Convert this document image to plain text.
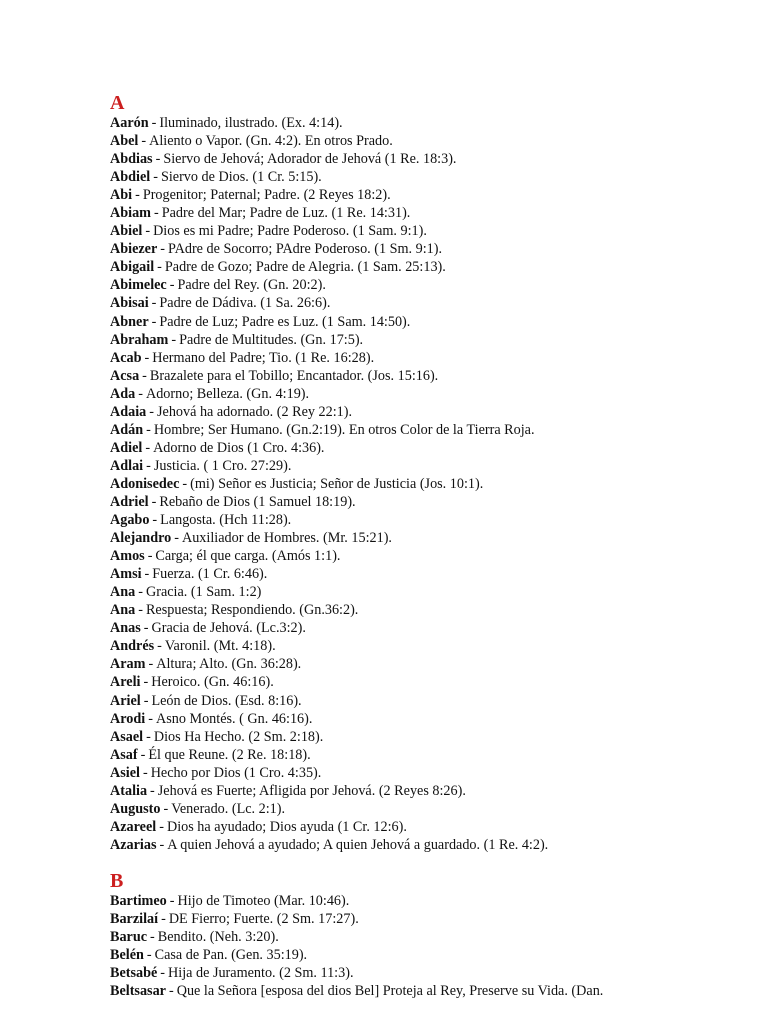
A
Aarón - Iluminado, ilustrado. (Ex. 4:14).
Abel - Aliento o Vapor. (Gn. 4:2). En otros Prado.
Abdias - Siervo de Jehová; Adorador de Jehová (1 Re. 18:3).
Abdiel - Siervo de Dios. (1 Cr. 5:15).
Abi - Progenitor; Paternal; Padre. (2 Reyes 18:2).
Abiam - Padre del Mar; Padre de Luz. (1 Re. 14:31).
Abiel - Dios es mi Padre; Padre Poderoso. (1 Sam. 9:1).
Abiezer - PAdre de Socorro; PAdre Poderoso. (1 Sm. 9:1).
Abigail - Padre de Gozo; Padre de Alegria. (1 Sam. 25:13).
Abimelec - Padre del Rey. (Gn. 20:2).
Abisai - Padre de Dádiva. (1 Sa. 26:6).
Abner - Padre de Luz; Padre es Luz. (1 Sam. 14:50).
Abraham - Padre de Multitudes. (Gn. 17:5).
Acab - Hermano del Padre; Tio. (1 Re. 16:28).
Acsa - Brazalete para el Tobillo; Encantador. (Jos. 15:16).
Ada - Adorno; Belleza. (Gn. 4:19).
Adaia - Jehová ha adornado. (2 Rey 22:1).
Adán - Hombre; Ser Humano. (Gn.2:19). En otros Color de la Tierra Roja.
Adiel - Adorno de Dios (1 Cro. 4:36).
Adlai - Justicia. ( 1 Cro. 27:29).
Adonisedec - (mi) Señor es Justicia; Señor de Justicia (Jos. 10:1).
Adriel - Rebaño de Dios (1 Samuel 18:19).
Agabo - Langosta. (Hch 11:28).
Alejandro - Auxiliador de Hombres. (Mr. 15:21).
Amos - Carga; él que carga. (Amós 1:1).
Amsi - Fuerza. (1 Cr. 6:46).
Ana - Gracia. (1 Sam. 1:2)
Ana - Respuesta; Respondiendo. (Gn.36:2).
Anas - Gracia de Jehová. (Lc.3:2).
Andrés - Varonil. (Mt. 4:18).
Aram - Altura; Alto. (Gn. 36:28).
Areli - Heroico. (Gn. 46:16).
Ariel - León de Dios. (Esd. 8:16).
Arodi - Asno Montés. ( Gn. 46:16).
Asael - Dios Ha Hecho. (2 Sm. 2:18).
Asaf - Él que Reune. (2 Re. 18:18).
Asiel - Hecho por Dios (1 Cro. 4:35).
Atalia - Jehová es Fuerte; Afligida por Jehová. (2 Reyes 8:26).
Augusto - Venerado. (Lc. 2:1).
Azareel - Dios ha ayudado; Dios ayuda (1 Cr. 12:6).
Azarias - A quien Jehová a ayudado; A quien Jehová a guardado. (1 Re. 4:2).
B
Bartimeo - Hijo de Timoteo (Mar. 10:46).
Barzilaí - DE Fierro; Fuerte. (2 Sm. 17:27).
Baruc - Bendito. (Neh. 3:20).
Belén - Casa de Pan. (Gen. 35:19).
Betsabé - Hija de Juramento. (2 Sm. 11:3).
Beltsasar - Que la Señora [esposa del dios Bel] Proteja al Rey, Preserve su Vida. (Dan.
